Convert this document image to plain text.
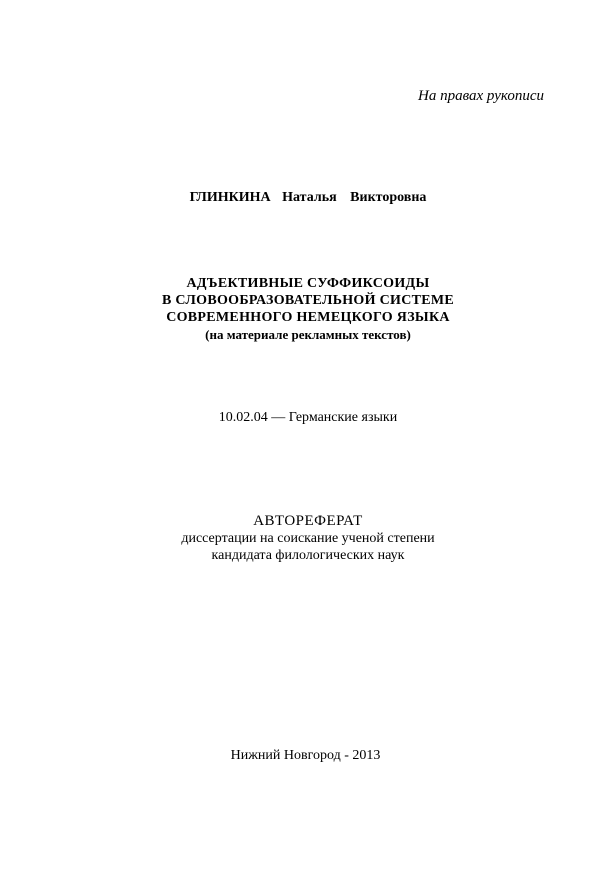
На правах рукописи
ГЛИНКИНА Наталья Викторовна
АДЪЕКТИВНЫЕ СУФФИКСОИДЫ
В СЛОВООБРАЗОВАТЕЛЬНОЙ СИСТЕМЕ
СОВРЕМЕННОГО НЕМЕЦКОГО ЯЗЫКА
(на материале рекламных текстов)
10.02.04 — Германские языки
АВТОРЕФЕРАТ
диссертации на соискание ученой степени
кандидата филологических наук
Нижний Новгород - 2013
